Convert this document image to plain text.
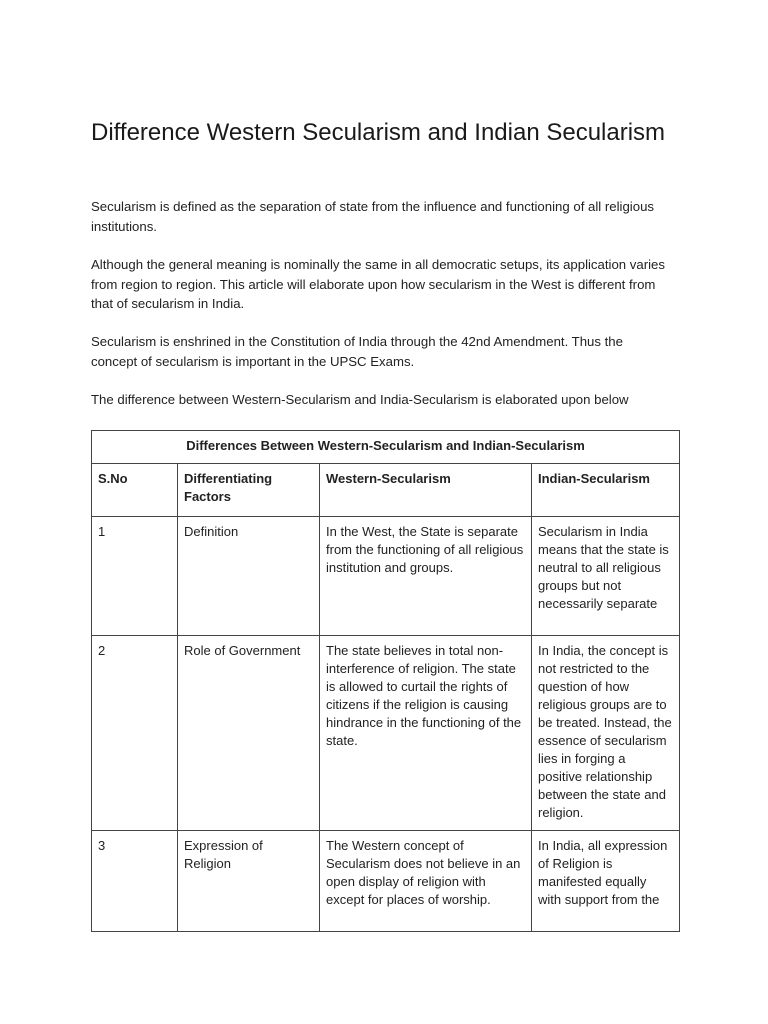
Difference Western Secularism and Indian Secularism

Secularism is defined as the separation of state from the influence and functioning of all religious institutions.

Although the general meaning is nominally the same in all democratic setups, its application varies from region to region. This article will elaborate upon how secularism in the West is different from that of secularism in India.

Secularism is enshrined in the Constitution of India through the 42nd Amendment. Thus the concept of secularism is important in the UPSC Exams.

The difference between Western-Secularism and India-Secularism is elaborated upon below

Differences Between Western-Secularism and Indian-Secularism			
S.No	Differentiating Factors	Western-Secularism	Indian-Secularism
1	Definition	In the West, the State is separate from the functioning of all religious institution and groups.	Secularism in India means that the state is neutral to all religious groups but not necessarily separate
2	Role of Government	The state believes in total non-interference of religion. The state is allowed to curtail the rights of citizens if the religion is causing hindrance in the functioning of the state.	In India, the concept is not restricted to the question of how religious groups are to be treated. Instead, the essence of secularism lies in forging a positive relationship between the state and religion.
3	Expression of Religion	The Western concept of Secularism does not believe in an open display of religion with except for places of worship.	In India, all expression of Religion is manifested equally with support from the
